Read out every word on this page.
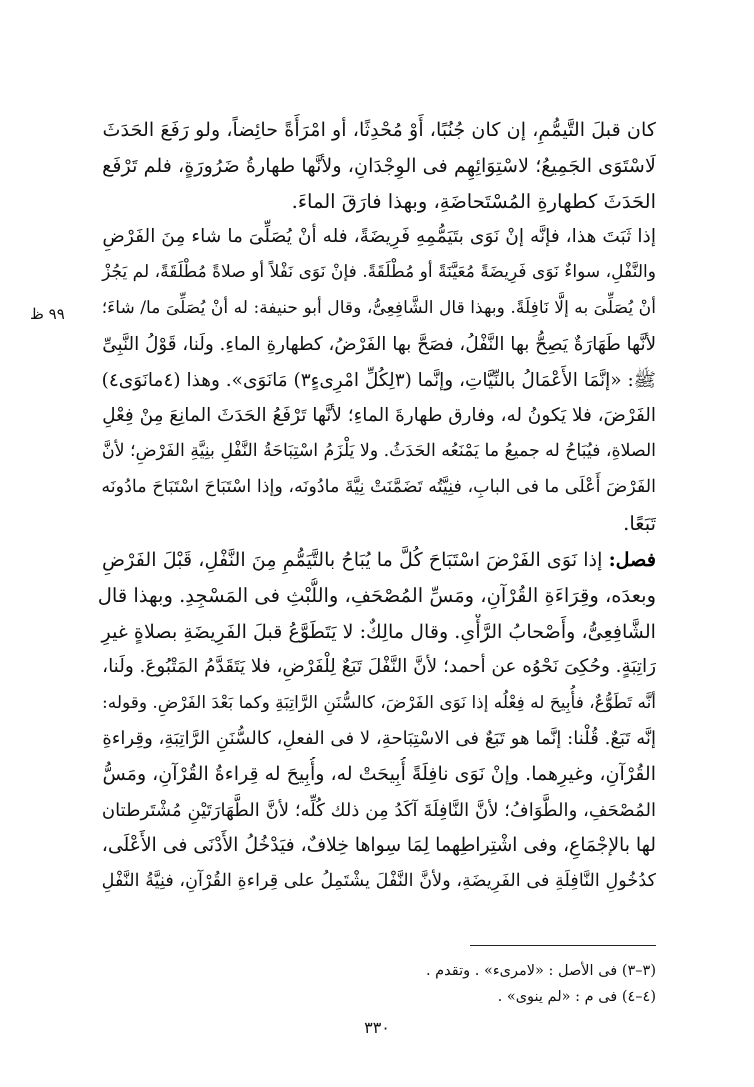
كان قبلَ التَّيمُّمِ، إن كان جُنُبًا، أَوْ مُحْدِثًا، أو امْرَأَةً حائِضاً، ولو رَفَعَ الحَدَثَ
لَاسْتَوَى الجَمِيعُ؛ لاسْتِوَائِهِم فى الوِجْدَانِ، ولأنَّها طهارةُ ضَرُورَةٍ، فلم تَرْفَع
الحَدَثَ كطهارةِ المُسْتَحاضَةِ، وبهذا فارَقَ الماءَ.
إذا ثَبَتَ هذا، فإنَّه إنْ نَوَى بتَيَمُّمِهِ فَرِيضَةً، فله أنْ يُصَلِّىَ ما شاء مِنَ الفَرْضِ
والنَّفْلِ، سواءٌ نَوَى فَرِيضَةً مُعَيَّنَةً أو مُطْلَقَةً. فإنْ نَوَى نَفْلاً أو صلاةً مُطْلَقَةً، لم يَجُزْ
أنْ يُصَلِّىَ به إلَّا نَافِلَةً. وبهذا قال الشَّافِعِىُّ، وقال أبو حنيفة: له أنْ يُصَلِّىَ ما/ شاءَ؛
لأنَّها طَهَارَةٌ يَصِحُّ بها النَّفْلُ، فصَحَّ بها الفَرْضُ، كطهارةِ الماءِ. ولَنا، قَوْلُ النَّبِىِّ
ﷺ: «إنَّمَا الأَعْمَالُ بالنِّيَّاتِ، وإنَّما (٣لِكُلِّ امْرِىءٍ٣) مَانَوَى». وهذا (٤مانَوَى٤)
الفَرْضَ، فلا يَكونُ له، وفارق طهارةَ الماءِ؛ لأنَّها تَرْفَعُ الحَدَثَ المانِعَ مِنْ فِعْلِ
الصلاةِ، فيُبَاحُ له جميعُ ما يَمْنَعُه الحَدَثُ. ولا يَلْزَمُ اسْتِبَاحَةُ النَّفْلِ بنِيَّةِ الفَرْضِ؛ لأنَّ
الفَرْضَ أَعْلَى ما فى البابِ، فنِيَّتُه تَضَمَّنَتْ نِيَّةَ مادُونَه، وإذا اسْتَبَاحَ اسْتَبَاحَ مادُونَه
تَبَعًا.
٩٩ ظ
فصل: إذا نَوَى الفَرْضَ اسْتَبَاحَ كُلَّ ما يُبَاحُ بالتَّيَمُّمِ مِنَ النَّفْلِ، قَبْلَ الفَرْضِ
وبعدَه، وقِرَاءَةِ القُرْآنِ، ومَسِّ المُصْحَفِ، واللُّبْثِ فى المَسْجِدِ. وبهذا قال
الشَّافِعِىُّ، وأَصْحابُ الرَّأْىِ. وقال مالِكٌ: لا يَتَطَوَّعُ قبلَ الفَرِيضَةِ بصلاةٍ غيرِ
رَاتِبَةٍ. وحُكِىَ نَحْوُه عن أحمد؛ لأنَّ النَّفْلَ تَبَعٌ لِلْفَرْضِ، فلا يَتَقَدَّمُ المَتْبُوعَ. ولَنا،
أنَّه تَطَوُّعٌ، فأُبِيحَ له فِعْلُه إذا نَوَى الفَرْضَ، كالسُّنَنِ الرَّاتِبَةِ وكما بَعْدَ الفَرْضِ. وقوله:
إنَّه تَبَعٌ. قُلْنا: إنَّما هو تَبَعٌ فى الاسْتِبَاحةِ، لا فى الفعلِ، كالسُّنَنِ الرَّاتِبَةِ، وقِراءةِ
القُرْآنِ، وغيرِهما. وإنْ نَوَى نافِلَةً أُبِيحَتْ له، وأُبِيحَ له قِراءةُ القُرْآنِ، ومَسُّ
المُصْحَفِ، والطَّوَافُ؛ لأنَّ النَّافِلَةَ آكَدُ مِن ذلك كُلِّه؛ لأنَّ الطَّهَارَتَيْنِ مُشْتَرطتان
لها بالإجْمَاعِ، وفى اشْتِراطِهما لِمَا سِواها خِلافٌ، فيَدْخُلُ الأَدْنَى فى الأَعْلَى،
كدُخُولِ النَّافِلَةِ فى الفَرِيضَةِ، ولأنَّ النَّفْلَ يشْتَمِلُ على قِراءةِ القُرْآنِ، فنِيَّةُ النَّفْلِ
(٣–٣) فى الأصل : «لامرىء» . وتقدم .
(٤–٤) فى م : «لم ينوى» .
٣٣٠
